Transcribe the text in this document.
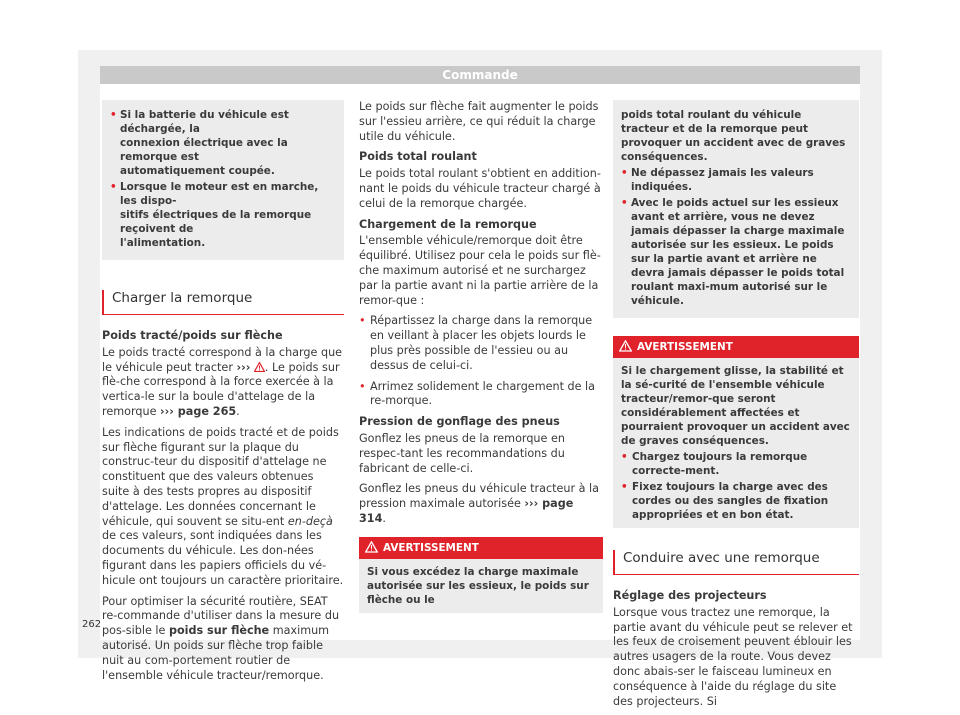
Commande
• Si la batterie du véhicule est déchargée, la
connexion électrique avec la remorque est
automatiquement coupée.
• Lorsque le moteur est en marche, les dispo-
sitifs électriques de la remorque reçoivent de
l'alimentation.
Charger la remorque

Poids tracté/poids sur flèche

Le poids tracté correspond à la charge que le véhicule peut tracter ››› . Le poids sur flè-che correspond à la force exercée à la vertica-le sur la boule d'attelage de la remorque ››› page 265.

Les indications de poids tracté et de poids sur flèche figurant sur la plaque du construc-teur du dispositif d'attelage ne constituent que des valeurs obtenues suite à des tests propres au dispositif d'attelage. Les données concernant le véhicule, qui souvent se situ-ent en-deçà de ces valeurs, sont indiquées dans les documents du véhicule. Les don-nées figurant dans les papiers officiels du vé-hicule ont toujours un caractère prioritaire.

Pour optimiser la sécurité routière, SEAT re-commande d'utiliser dans la mesure du pos-sible le poids sur flèche maximum autorisé. Un poids sur flèche trop faible nuit au com-portement routier de l'ensemble véhicule tracteur/remorque.

Le poids sur flèche fait augmenter le poids sur l'essieu arrière, ce qui réduit la charge utile du véhicule.

Poids total roulant

Le poids total roulant s'obtient en addition-nant le poids du véhicule tracteur chargé à celui de la remorque chargée.

Chargement de la remorque

L'ensemble véhicule/remorque doit être équilibré. Utilisez pour cela le poids sur flè-che maximum autorisé et ne surchargez par la partie avant ni la partie arrière de la remor-que :

• Répartissez la charge dans la remorque en veillant à placer les objets lourds le plus près possible de l'essieu ou au dessus de celui-ci.

• Arrimez solidement le chargement de la re-morque.

Pression de gonflage des pneus

Gonflez les pneus de la remorque en respec-tant les recommandations du fabricant de celle-ci.

Gonflez les pneus du véhicule tracteur à la pression maximale autorisée ››› page 314.

AVERTISSEMENT
Si vous excédez la charge maximale autorisée sur les essieux, le poids sur flèche ou le
poids total roulant du véhicule tracteur et de la remorque peut provoquer un accident avec de graves conséquences.
• Ne dépassez jamais les valeurs indiquées.
• Avec le poids actuel sur les essieux avant et arrière, vous ne devez jamais dépasser la charge maximale autorisée sur les essieux. Le poids sur la partie avant et arrière ne devra jamais dépasser le poids total roulant maxi-mum autorisé sur le véhicule.
AVERTISSEMENT
Si le chargement glisse, la stabilité et la sé-curité de l'ensemble véhicule tracteur/remor-que seront considérablement affectées et pourraient provoquer un accident avec de graves conséquences.
• Chargez toujours la remorque correcte-ment.
• Fixez toujours la charge avec des cordes ou des sangles de fixation appropriées et en bon état.
Conduire avec une remorque

Réglage des projecteurs

Lorsque vous tractez une remorque, la partie avant du véhicule peut se relever et les feux de croisement peuvent éblouir les autres usagers de la route. Vous devez donc abais-ser le faisceau lumineux en conséquence à l'aide du réglage du site des projecteurs. Si

262
